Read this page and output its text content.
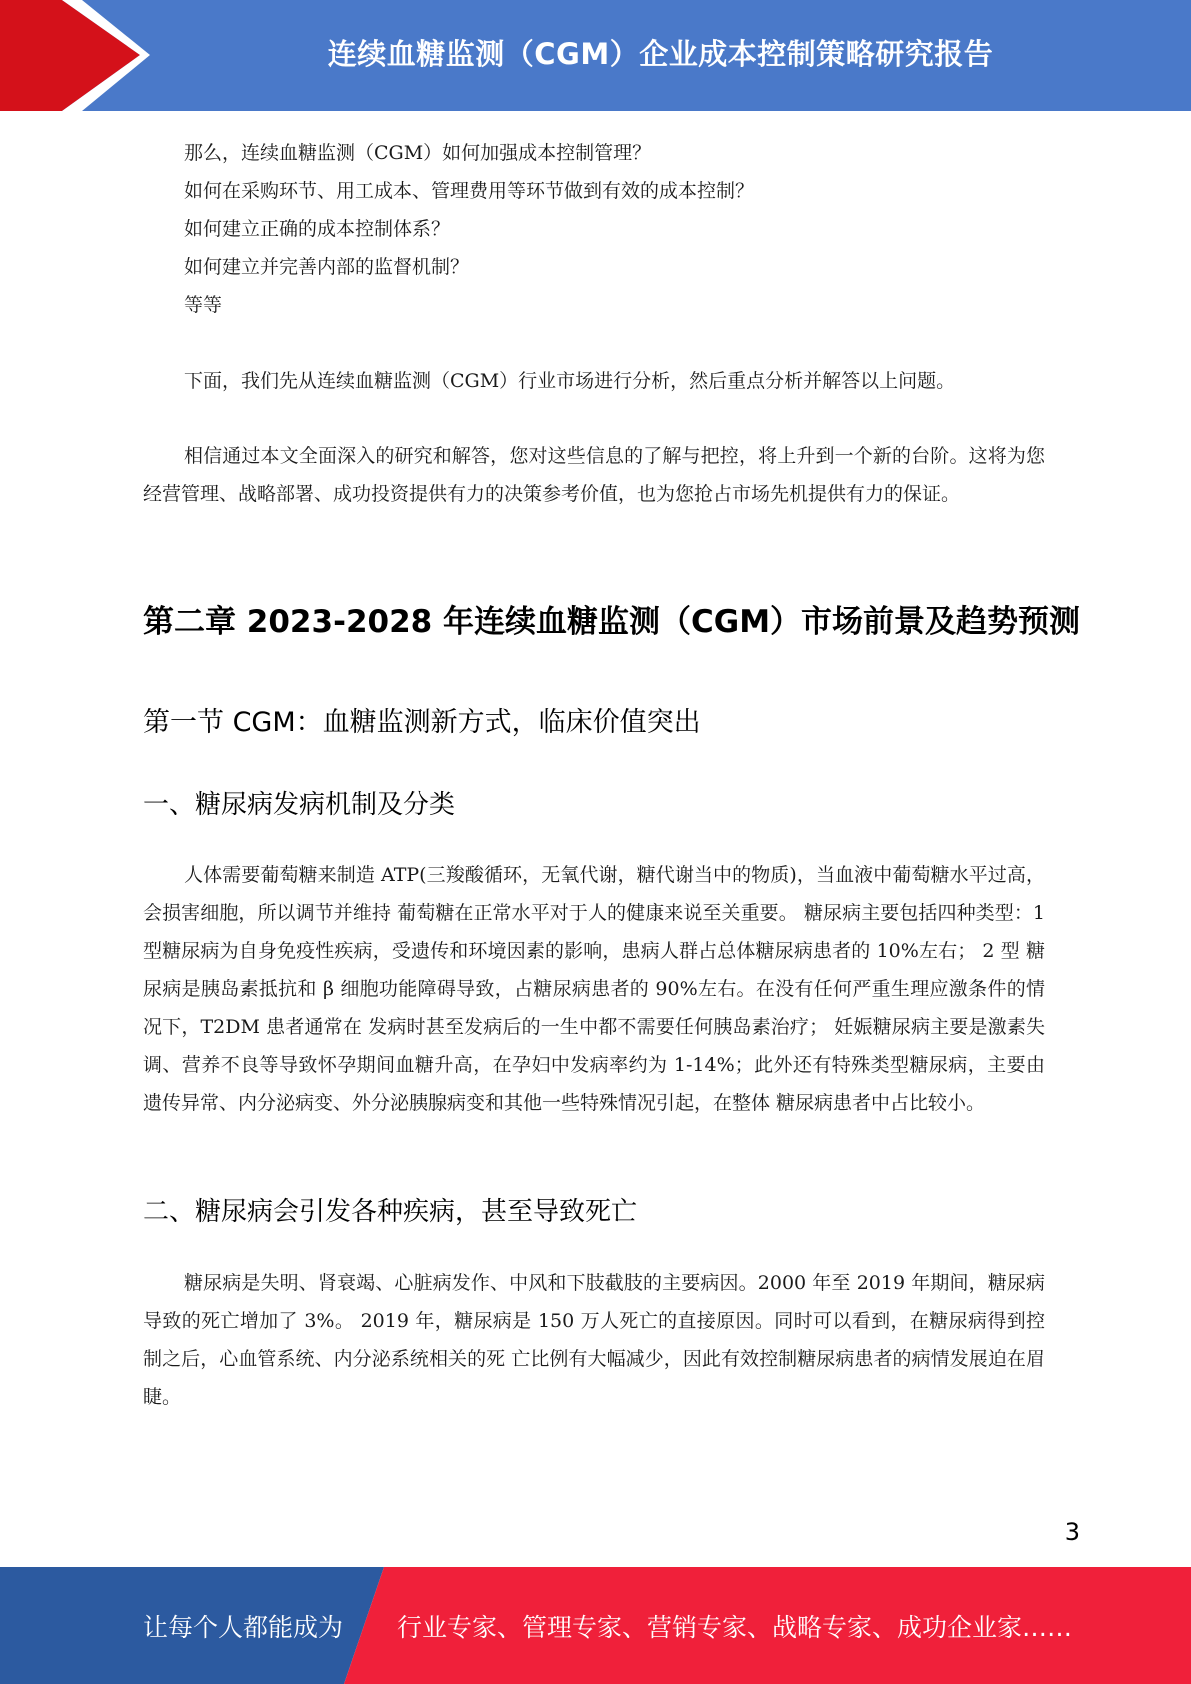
连续血糖监测（CGM）企业成本控制策略研究报告
那么，连续血糖监测（CGM）如何加强成本控制管理？
如何在采购环节、用工成本、管理费用等环节做到有效的成本控制？
如何建立正确的成本控制体系？
如何建立并完善内部的监督机制？
等等
下面，我们先从连续血糖监测（CGM）行业市场进行分析，然后重点分析并解答以上问题。
相信通过本文全面深入的研究和解答，您对这些信息的了解与把控，将上升到一个新的台阶。这将为您经营管理、战略部署、成功投资提供有力的决策参考价值，也为您抢占市场先机提供有力的保证。
第二章 2023-2028 年连续血糖监测（CGM）市场前景及趋势预测
第一节 CGM：血糖监测新方式，临床价值突出
一、糖尿病发病机制及分类
人体需要葡萄糖来制造 ATP(三羧酸循环，无氧代谢，糖代谢当中的物质)，当血液中葡萄糖水平过高，会损害细胞，所以调节并维持 葡萄糖在正常水平对于人的健康来说至关重要。 糖尿病主要包括四种类型：1 型糖尿病为自身免疫性疾病，受遗传和环境因素的影响，患病人群占总体糖尿病患者的 10%左右； 2 型 糖尿病是胰岛素抵抗和 β 细胞功能障碍导致，占糖尿病患者的 90%左右。在没有任何严重生理应激条件的情况下，T2DM 患者通常在 发病时甚至发病后的一生中都不需要任何胰岛素治疗； 妊娠糖尿病主要是激素失调、营养不良等导致怀孕期间血糖升高，在孕妇中发病率约为 1-14%；此外还有特殊类型糖尿病，主要由遗传异常、内分泌病变、外分泌胰腺病变和其他一些特殊情况引起，在整体 糖尿病患者中占比较小。
二、糖尿病会引发各种疾病，甚至导致死亡
糖尿病是失明、肾衰竭、心脏病发作、中风和下肢截肢的主要病因。2000 年至 2019 年期间，糖尿病导致的死亡增加了 3%。 2019 年，糖尿病是 150 万人死亡的直接原因。同时可以看到，在糖尿病得到控制之后，心血管系统、内分泌系统相关的死 亡比例有大幅减少，因此有效控制糖尿病患者的病情发展迫在眉睫。
3
让每个人都能成为 行业专家、管理专家、营销专家、战略专家、成功企业家……
